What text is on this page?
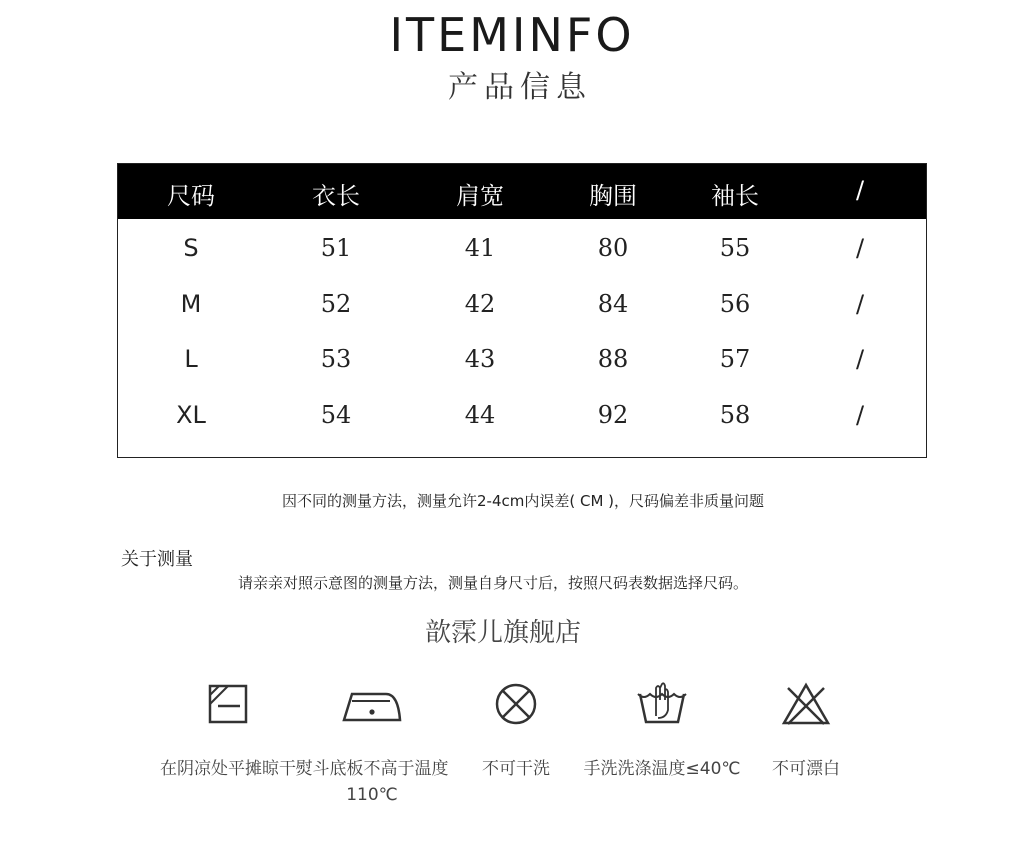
ITEMINFO
产品信息
尺码	衣长	肩宽	胸围	袖长	/
S	51	41	80	55	/
M	52	42	84	56	/
L	53	43	88	57	/
XL	54	44	92	58	/
因不同的测量方法，测量允许2-4cm内误差( CM )，尺码偏差非质量问题
关于测量
请亲亲对照示意图的测量方法，测量自身尺寸后，按照尺码表数据选择尺码。
歆霂儿旗舰店
在阴凉处平摊晾干 熨斗底板不高于温度110℃
不可干洗	手洗洗涤温度≤40℃	不可漂白
